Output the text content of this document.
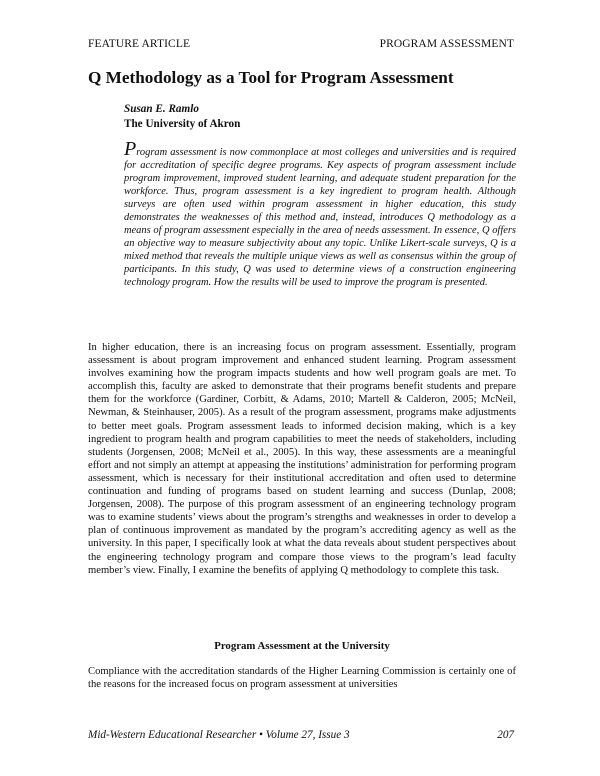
FEATURE ARTICLE	PROGRAM ASSESSMENT
Q Methodology as a Tool for Program Assessment
Susan E. Ramlo
The University of Akron

Program assessment is now commonplace at most colleges and universities and is required for accreditation of specific degree programs. Key aspects of program assessment include program improvement, improved student learning, and adequate student preparation for the workforce. Thus, program assessment is a key ingredient to program health. Although surveys are often used within program assessment in higher education, this study demonstrates the weaknesses of this method and, instead, introduces Q methodology as a means of program assessment especially in the area of needs assessment. In essence, Q offers an objective way to measure subjectivity about any topic. Unlike Likert-scale surveys, Q is a mixed method that reveals the multiple unique views as well as consensus within the group of participants. In this study, Q was used to determine views of a construction engineering technology program. How the results will be used to improve the program is presented.

In higher education, there is an increasing focus on program assessment. Essentially, program assessment is about program improvement and enhanced student learning. Program assessment involves examining how the program impacts students and how well program goals are met. To accomplish this, faculty are asked to demonstrate that their programs benefit students and prepare them for the workforce (Gardiner, Corbitt, & Adams, 2010; Martell & Calderon, 2005; McNeil, Newman, & Steinhauser, 2005). As a result of the program assessment, programs make adjustments to better meet goals. Program assessment leads to informed decision making, which is a key ingredient to program health and program capabilities to meet the needs of stakeholders, including students (Jorgensen, 2008; McNeil et al., 2005). In this way, these assessments are a meaningful effort and not simply an attempt at appeasing the institutions’ administration for performing program assessment, which is necessary for their institutional accreditation and often used to determine continuation and funding of programs based on student learning and success (Dunlap, 2008; Jorgensen, 2008). The purpose of this program assessment of an engineering technology program was to examine students’ views about the program’s strengths and weaknesses in order to develop a plan of continuous improvement as mandated by the program’s accrediting agency as well as the university. In this paper, I specifically look at what the data reveals about student perspectives about the engineering technology program and compare those views to the program’s lead faculty member’s view. Finally, I examine the benefits of applying Q methodology to complete this task.

Program Assessment at the University

Compliance with the accreditation standards of the Higher Learning Commission is certainly one of the reasons for the increased focus on program assessment at universities

Mid-Western Educational Researcher • Volume 27, Issue 3	207
